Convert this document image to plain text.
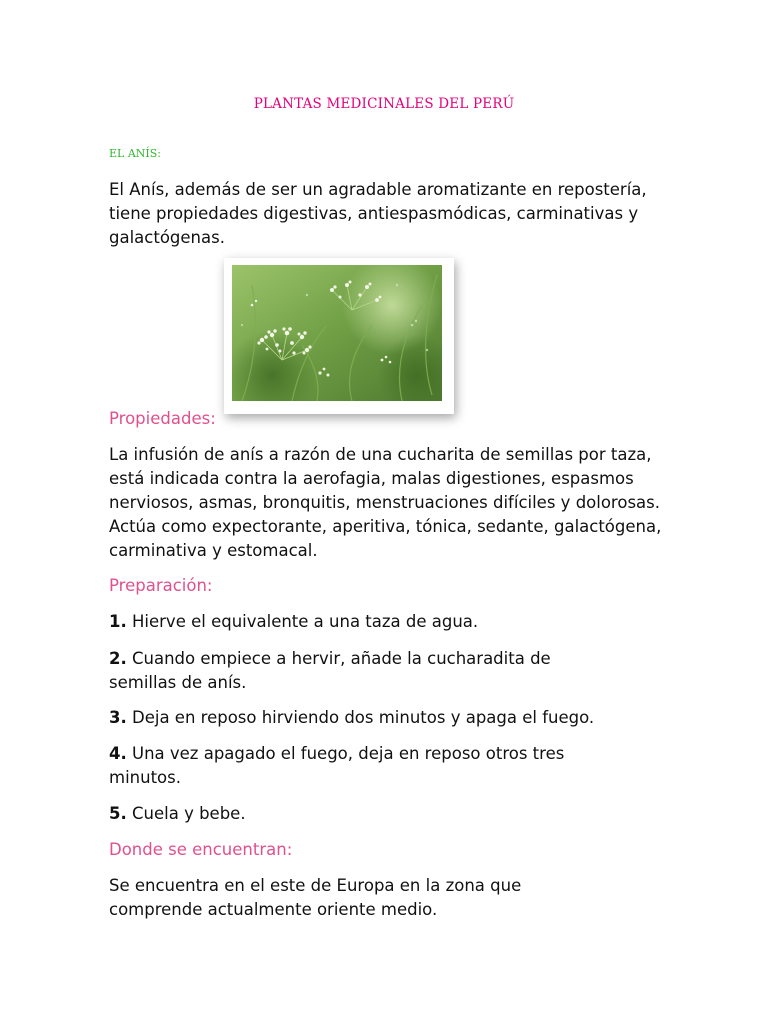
PLANTAS MEDICINALES DEL PERÚ
EL ANÍS:

El Anís, además de ser un agradable aromatizante en repostería, tiene propiedades digestivas, antiespasmódicas, carminativas y galactógenas.

Propiedades:

La infusión de anís a razón de una cucharita de semillas por taza, está indicada contra la aerofagia, malas digestiones, espasmos nerviosos, asmas, bronquitis, menstruaciones difíciles y dolorosas. Actúa como expectorante, aperitiva, tónica, sedante, galactógena, carminativa y estomacal.

Preparación:

1. Hierve el equivalente a una taza de agua.

2. Cuando empiece a hervir, añade la cucharadita de semillas de anís.

3. Deja en reposo hirviendo dos minutos y apaga el fuego.

4. Una vez apagado el fuego, deja en reposo otros tres minutos.

5. Cuela y bebe.

Donde se encuentran:

Se encuentra en el este de Europa en la zona que comprende actualmente oriente medio.
